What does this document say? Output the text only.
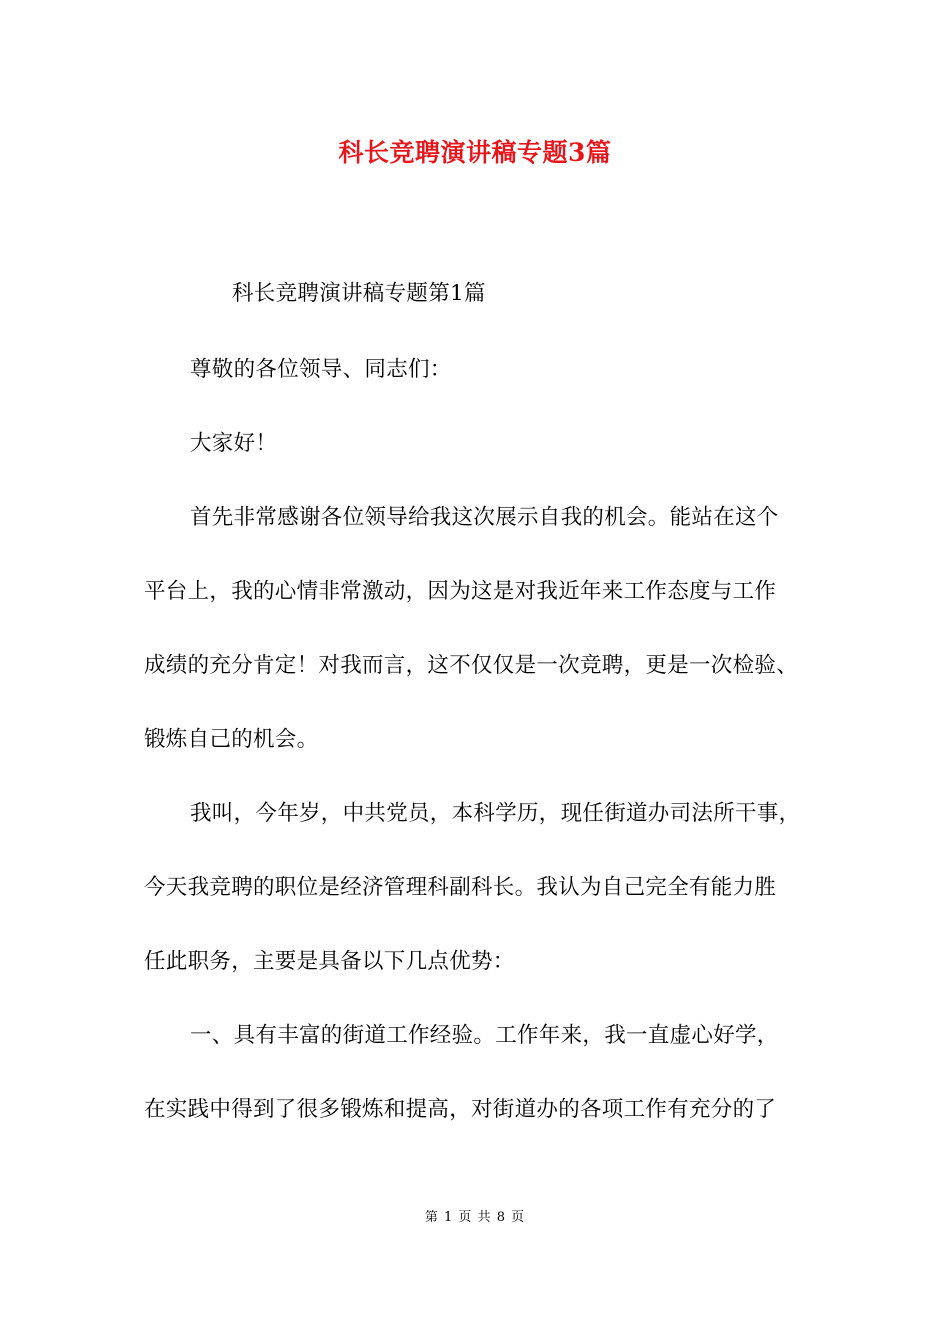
科长竞聘演讲稿专题3篇
科长竞聘演讲稿专题第1篇
尊敬的各位领导、同志们：
大家好！
首先非常感谢各位领导给我这次展示自我的机会。能站在这个
平台上，我的心情非常激动，因为这是对我近年来工作态度与工作
成绩的充分肯定！对我而言，这不仅仅是一次竞聘，更是一次检验、
锻炼自己的机会。
我叫，今年岁，中共党员，本科学历，现任街道办司法所干事，
今天我竞聘的职位是经济管理科副科长。我认为自己完全有能力胜
任此职务，主要是具备以下几点优势：
一、具有丰富的街道工作经验。工作年来，我一直虚心好学，
在实践中得到了很多锻炼和提高，对街道办的各项工作有充分的了
第 1 页 共 8 页
